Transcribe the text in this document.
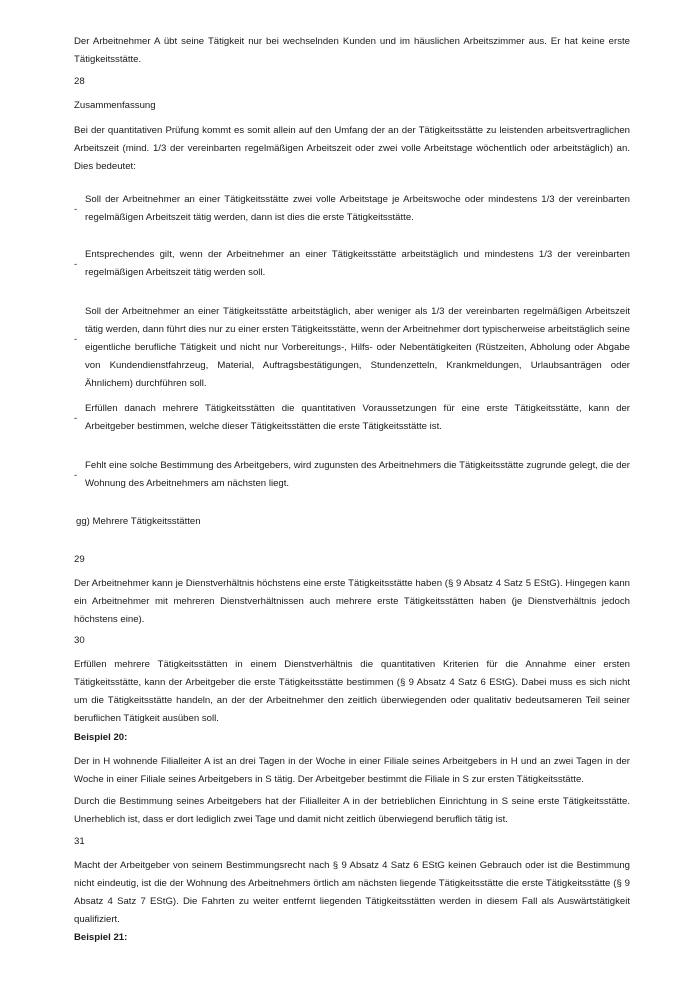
Der Arbeitnehmer A übt seine Tätigkeit nur bei wechselnden Kunden und im häuslichen Arbeitszimmer aus. Er hat keine erste Tätigkeitsstätte.

28

Zusammenfassung

Bei der quantitativen Prüfung kommt es somit allein auf den Umfang der an der Tätigkeitsstätte zu leistenden arbeitsvertraglichen Arbeitszeit (mind. 1/3 der vereinbarten regelmäßigen Arbeitszeit oder zwei volle Arbeitstage wöchentlich oder arbeitstäglich) an. Dies bedeutet:

-

Soll der Arbeitnehmer an einer Tätigkeitsstätte zwei volle Arbeitstage je Arbeitswoche oder mindestens 1/3 der vereinbarten regelmäßigen Arbeitszeit tätig werden, dann ist dies die erste Tätigkeitsstätte.

-

Entsprechendes gilt, wenn der Arbeitnehmer an einer Tätigkeitsstätte arbeitstäglich und mindestens 1/3 der vereinbarten regelmäßigen Arbeitszeit tätig werden soll.

-

Soll der Arbeitnehmer an einer Tätigkeitsstätte arbeitstäglich, aber weniger als 1/3 der vereinbarten regelmäßigen Arbeitszeit tätig werden, dann führt dies nur zu einer ersten Tätigkeitsstätte, wenn der Arbeitnehmer dort typischerweise arbeitstäglich seine eigentliche berufliche Tätigkeit und nicht nur Vorbereitungs-, Hilfs- oder Nebentätigkeiten (Rüstzeiten, Abholung oder Abgabe von Kundendienstfahrzeug, Material, Auftragsbestätigungen, Stundenzetteln, Krankmeldungen, Urlaubsanträgen oder Ähnlichem) durchführen soll.

-

Erfüllen danach mehrere Tätigkeitsstätten die quantitativen Voraussetzungen für eine erste Tätigkeitsstätte, kann der Arbeitgeber bestimmen, welche dieser Tätigkeitsstätten die erste Tätigkeitsstätte ist.

-

Fehlt eine solche Bestimmung des Arbeitgebers, wird zugunsten des Arbeitnehmers die Tätigkeitsstätte zugrunde gelegt, die der Wohnung des Arbeitnehmers am nächsten liegt.

gg) Mehrere Tätigkeitsstätten

29

Der Arbeitnehmer kann je Dienstverhältnis höchstens eine erste Tätigkeitsstätte haben (§ 9 Absatz 4 Satz 5 EStG). Hingegen kann ein Arbeitnehmer mit mehreren Dienstverhältnissen auch mehrere erste Tätigkeitsstätten haben (je Dienstverhältnis jedoch höchstens eine).

30

Erfüllen mehrere Tätigkeitsstätten in einem Dienstverhältnis die quantitativen Kriterien für die Annahme einer ersten Tätigkeitsstätte, kann der Arbeitgeber die erste Tätigkeitsstätte bestimmen (§ 9 Absatz 4 Satz 6 EStG). Dabei muss es sich nicht um die Tätigkeitsstätte handeln, an der der Arbeitnehmer den zeitlich überwiegenden oder qualitativ bedeutsameren Teil seiner beruflichen Tätigkeit ausüben soll.

Beispiel 20:

Der in H wohnende Filialleiter A ist an drei Tagen in der Woche in einer Filiale seines Arbeitgebers in H und an zwei Tagen in der Woche in einer Filiale seines Arbeitgebers in S tätig. Der Arbeitgeber bestimmt die Filiale in S zur ersten Tätigkeitsstätte.

Durch die Bestimmung seines Arbeitgebers hat der Filialleiter A in der betrieblichen Einrichtung in S seine erste Tätigkeitsstätte. Unerheblich ist, dass er dort lediglich zwei Tage und damit nicht zeitlich überwiegend beruflich tätig ist.

31

Macht der Arbeitgeber von seinem Bestimmungsrecht nach § 9 Absatz 4 Satz 6 EStG keinen Gebrauch oder ist die Bestimmung nicht eindeutig, ist die der Wohnung des Arbeitnehmers örtlich am nächsten liegende Tätigkeitsstätte die erste Tätigkeitsstätte (§ 9 Absatz 4 Satz 7 EStG). Die Fahrten zu weiter entfernt liegenden Tätigkeitsstätten werden in diesem Fall als Auswärtstätigkeit qualifiziert.

Beispiel 21:
